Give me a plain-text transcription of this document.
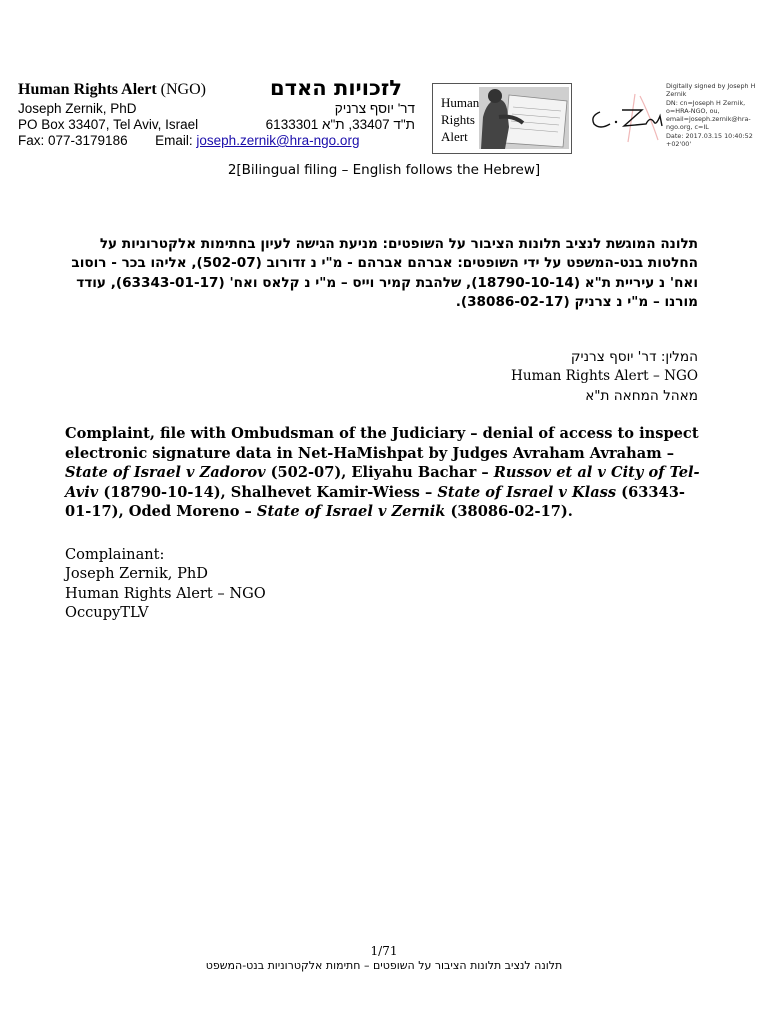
Human Rights Alert (NGO)	לזכויות האדם
Joseph Zernik, PhD	דר' יוסף צרניק
PO Box 33407, Tel Aviv, Israel	ת"ד 33407, ת"א 6133301
Fax: 077-3179186 Email: joseph.zernik@hra-ngo.org
Human
Rights
Alert
Digitally signed by Joseph H
Zernik
DN: cn=Joseph H Zernik,
o=HRA-NGO, ou,
email=joseph.zernik@hra-
ngo.org, c=IL
Date: 2017.03.15 10:40:52
+02'00'
2[Bilingual filing – English follows the Hebrew]
תלונה המוגשת לנציב תלונות הציבור על השופטים: מניעת הגישה לעיון בחתימות אלקטרוניות על החלטות בנט-המשפט על ידי השופטים: אברהם אברהם - מ"י נ זדורוב (502-07), אליהו בכר - רוסוב ואח' נ עיריית ת"א (18790-10-14), שלהבת קמיר וייס – מ"י נ קלאס ואח' (63343-01-17), עודד מורנו – מ"י נ צרניק (38086-02-17).
המלין: דר' יוסף צרניק
Human Rights Alert – NGO
מאהל המחאה ת"א
Complaint, file with Ombudsman of the Judiciary – denial of access to inspect electronic signature data in Net-HaMishpat by Judges Avraham Avraham – State of Israel v Zadorov (502-07), Eliyahu Bachar – Russov et al v City of Tel-Aviv (18790-10-14), Shalhevet Kamir-Wiess – State of Israel v Klass (63343-01-17), Oded Moreno – State of Israel v Zernik (38086-02-17).
Complainant:
Joseph Zernik, PhD
Human Rights Alert – NGO
OccupyTLV
1/71
תלונה לנציב תלונות הציבור על השופטים – חתימות אלקטרוניות בנט-המשפט
